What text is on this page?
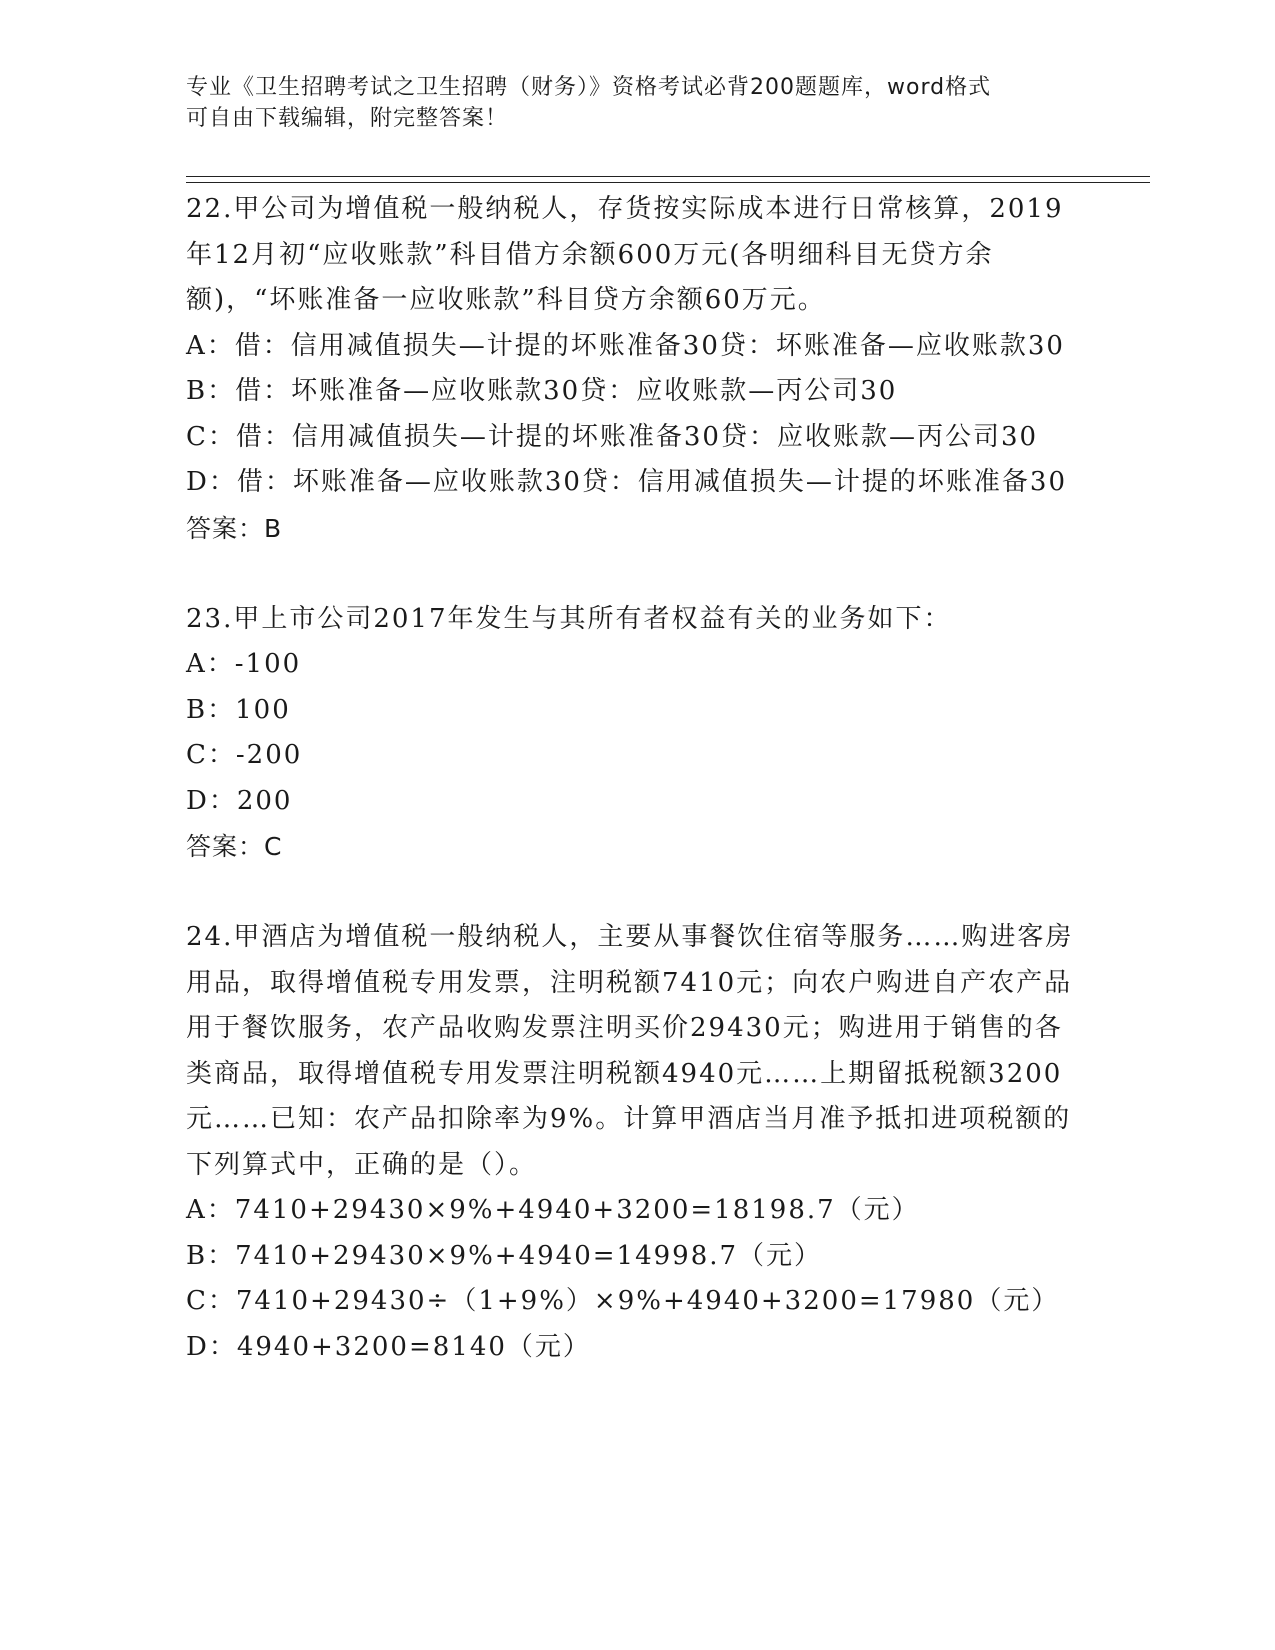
专业《卫生招聘考试之卫生招聘（财务）》资格考试必背200题题库，word格式
可自由下载编辑，附完整答案！

22.甲公司为增值税一般纳税人，存货按实际成本进行日常核算，2019年12月初“应收账款”科目借方余额600万元(各明细科目无贷方余额)，“坏账准备一应收账款”科目贷方余额60万元。

A：借：信用减值损失—计提的坏账准备30贷：坏账准备—应收账款30

B：借：坏账准备—应收账款30贷：应收账款—丙公司30

C：借：信用减值损失—计提的坏账准备30贷：应收账款—丙公司30

D：借：坏账准备—应收账款30贷：信用减值损失—计提的坏账准备30

答案：B

23.甲上市公司2017年发生与其所有者权益有关的业务如下：

A：-100

B：100

C：-200

D：200

答案：C

24.甲酒店为增值税一般纳税人，主要从事餐饮住宿等服务……购进客房用品，取得增值税专用发票，注明税额7410元；向农户购进自产农产品用于餐饮服务，农产品收购发票注明买价29430元；购进用于销售的各类商品，取得增值税专用发票注明税额4940元……上期留抵税额3200元……已知：农产品扣除率为9%。计算甲酒店当月准予抵扣进项税额的下列算式中，正确的是（）。

A：7410+29430×9%+4940+3200=18198.7（元）

B：7410+29430×9%+4940=14998.7（元）

C：7410+29430÷（1+9%）×9%+4940+3200=17980（元）

D：4940+3200=8140（元）
